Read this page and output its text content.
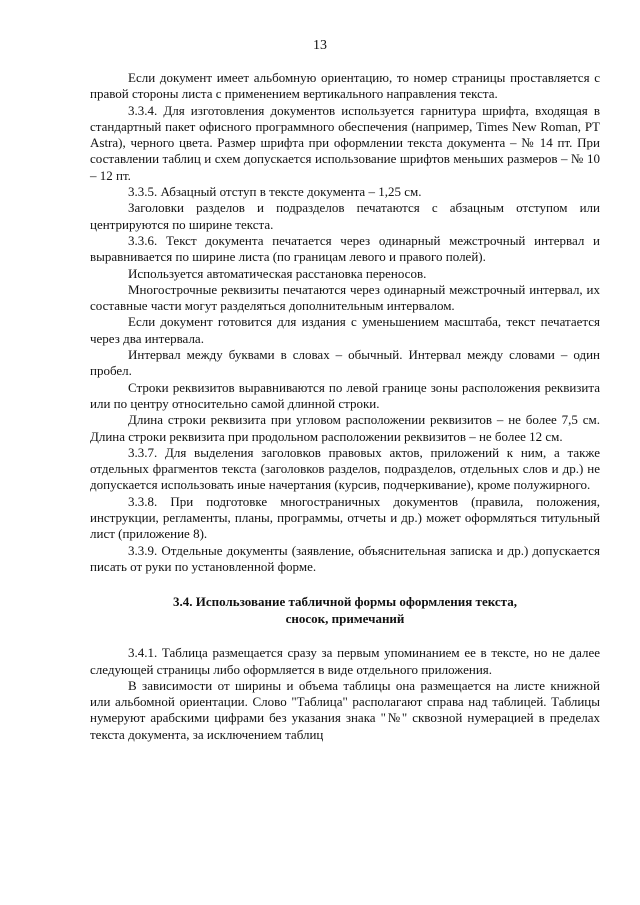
13

Если документ имеет альбомную ориентацию, то номер страницы проставляется с правой стороны листа с применением вертикального направления текста.

3.3.4. Для изготовления документов используется гарнитура шрифта, входящая в стандартный пакет офисного программного обеспечения (например, Times New Roman, PT Astra), черного цвета. Размер шрифта при оформлении текста документа – № 14 пт. При составлении таблиц и схем допускается использование шрифтов меньших размеров – № 10 – 12 пт.

3.3.5. Абзацный отступ в тексте документа – 1,25 см.

Заголовки разделов и подразделов печатаются с абзацным отступом или центрируются по ширине текста.

3.3.6. Текст документа печатается через одинарный межстрочный интервал и выравнивается по ширине листа (по границам левого и правого полей).

Используется автоматическая расстановка переносов.

Многострочные реквизиты печатаются через одинарный межстрочный интервал, их составные части могут разделяться дополнительным интервалом.

Если документ готовится для издания с уменьшением масштаба, текст печатается через два интервала.

Интервал между буквами в словах – обычный. Интервал между словами – один пробел.

Строки реквизитов выравниваются по левой границе зоны расположения реквизита или по центру относительно самой длинной строки.

Длина строки реквизита при угловом расположении реквизитов – не более 7,5 см. Длина строки реквизита при продольном расположении реквизитов – не более 12 см.

3.3.7. Для выделения заголовков правовых актов, приложений к ним, а также отдельных фрагментов текста (заголовков разделов, подразделов, отдельных слов и др.) не допускается использовать иные начертания (курсив, подчеркивание), кроме полужирного.

3.3.8. При подготовке многостраничных документов (правила, положения, инструкции, регламенты, планы, программы, отчеты и др.) может оформляться титульный лист (приложение 8).

3.3.9. Отдельные документы (заявление, объяснительная записка и др.) допускается писать от руки по установленной форме.

3.4. Использование табличной формы оформления текста,
сносок, примечаний

3.4.1. Таблица размещается сразу за первым упоминанием ее в тексте, но не далее следующей страницы либо оформляется в виде отдельного приложения.

В зависимости от ширины и объема таблицы она размещается на листе книжной или альбомной ориентации. Слово "Таблица" располагают справа над таблицей. Таблицы нумеруют арабскими цифрами без указания знака "№" сквозной нумерацией в пределах текста документа, за исключением таблиц
